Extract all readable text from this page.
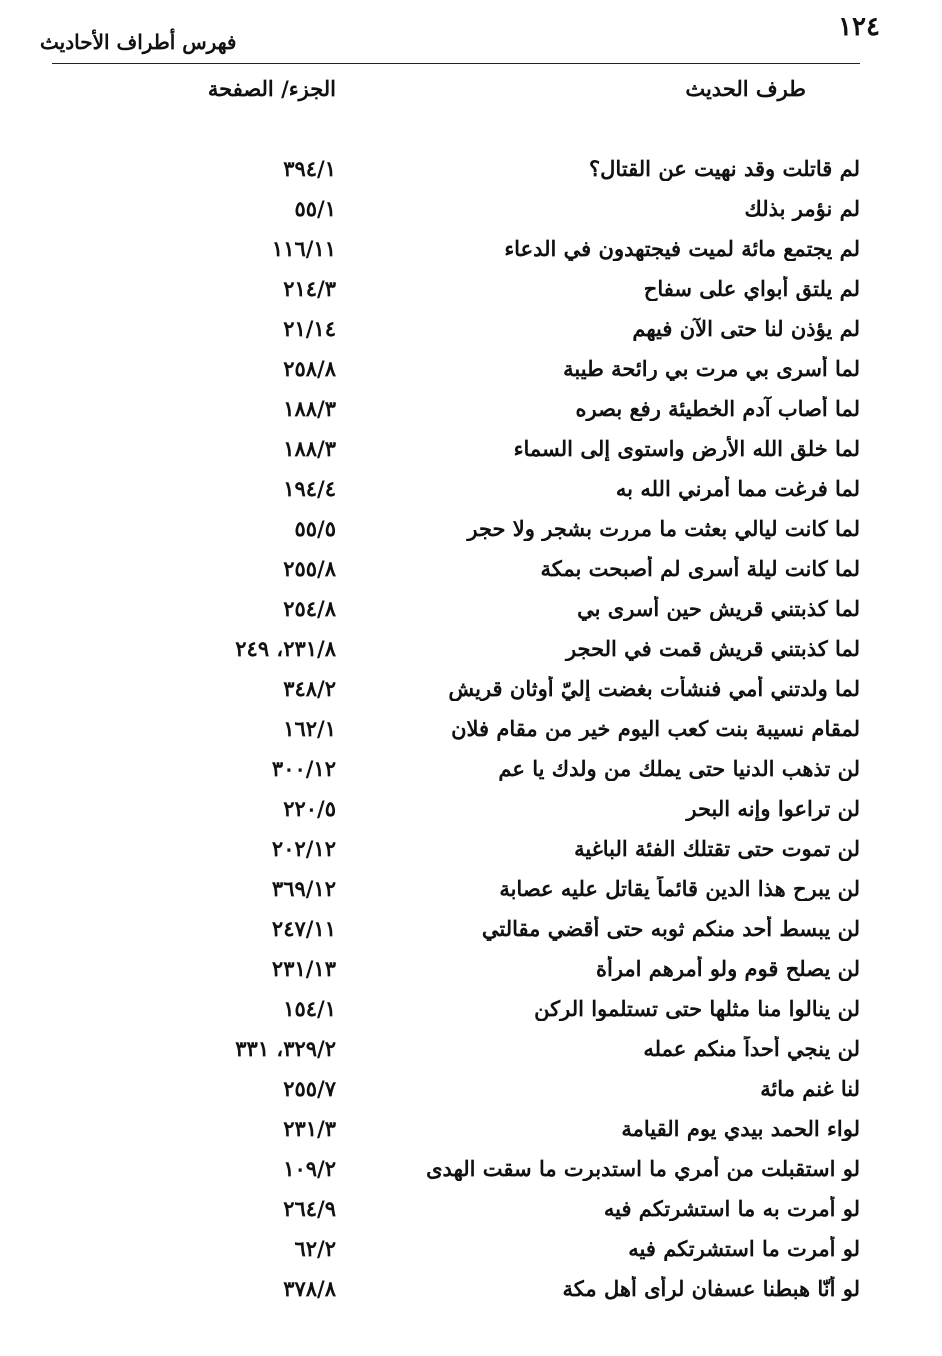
١٢٤
فهرس أطراف الأحاديث
طرف الحديث
الجزء/ الصفحة
لم قاتلت وقد نهيت عن القتال؟
٣٩٤/١
لم نؤمر بذلك
٥٥/١
لم يجتمع مائة لميت فيجتهدون في الدعاء
١١٦/١١
لم يلتق أبواي على سفاح
٢١٤/٣
لم يؤذن لنا حتى الآن فيهم
٢١/١٤
لما أسرى بي مرت بي رائحة طيبة
٢٥٨/٨
لما أصاب آدم الخطيئة رفع بصره
١٨٨/٣
لما خلق الله الأرض واستوى إلى السماء
١٨٨/٣
لما فرغت مما أمرني الله به
١٩٤/٤
لما كانت ليالي بعثت ما مررت بشجر ولا حجر
٥٥/٥
لما كانت ليلة أسرى لم أصبحت بمكة
٢٥٥/٨
لما كذبتني قريش حين أسرى بي
٢٥٤/٨
لما كذبتني قريش قمت في الحجر
٢٣١/٨، ٢٤٩
لما ولدتني أمي فنشأت بغضت إليّ أوثان قريش
٣٤٨/٢
لمقام نسيبة بنت كعب اليوم خير من مقام فلان
١٦٢/١
لن تذهب الدنيا حتى يملك من ولدك يا عم
٣٠٠/١٢
لن تراعوا وإنه البحر
٢٢٠/٥
لن تموت حتى تقتلك الفئة الباغية
٢٠٢/١٢
لن يبرح هذا الدين قائماً يقاتل عليه عصابة
٣٦٩/١٢
لن يبسط أحد منكم ثوبه حتى أقضي مقالتي
٢٤٧/١١
لن يصلح قوم ولو أمرهم امرأة
٢٣١/١٣
لن ينالوا منا مثلها حتى تستلموا الركن
١٥٤/١
لن ينجي أحداً منكم عمله
٣٢٩/٢، ٣٣١
لنا غنم مائة
٢٥٥/٧
لواء الحمد بيدي يوم القيامة
٢٣١/٣
لو استقبلت من أمري ما استدبرت ما سقت الهدى
١٠٩/٢
لو أمرت به ما استشرتكم فيه
٢٦٤/٩
لو أمرت ما استشرتكم فيه
٦٢/٢
لو أنّا هبطنا عسفان لرأى أهل مكة
٣٧٨/٨
